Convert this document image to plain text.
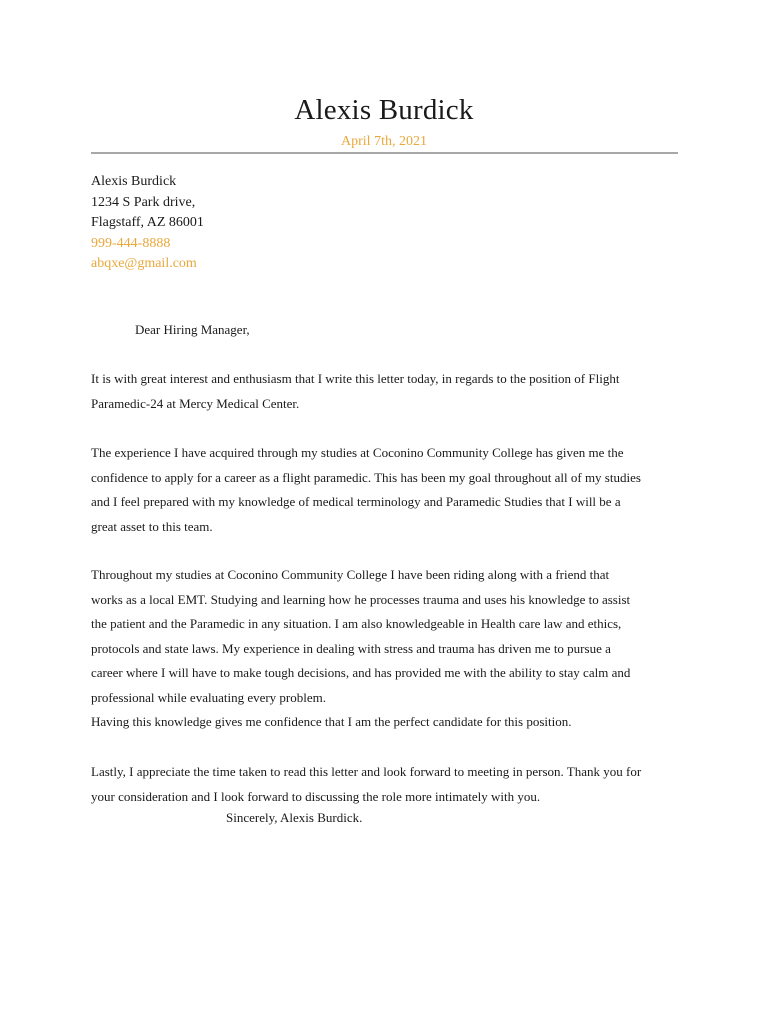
Alexis Burdick
April 7th, 2021
Alexis Burdick
1234 S Park drive,
Flagstaff, AZ 86001
999-444-8888
abqxe@gmail.com
Dear Hiring Manager,
It is with great interest and enthusiasm that I write this letter today, in regards to the position of Flight
Paramedic-24 at Mercy Medical Center.
The experience I have acquired through my studies at Coconino Community College has given me the
confidence to apply for a career as a flight paramedic. This has been my goal throughout all of my studies
and I feel prepared with my knowledge of medical terminology and Paramedic Studies that I will be a
great asset to this team.
Throughout my studies at Coconino Community College I have been riding along with a friend that
works as a local EMT. Studying and learning how he processes trauma and uses his knowledge to assist
the patient and the Paramedic in any situation. I am also knowledgeable in Health care law and ethics,
protocols and state laws. My experience in dealing with stress and trauma has driven me to pursue a
career where I will have to make tough decisions, and has provided me with the ability to stay calm and
professional while evaluating every problem.
Having this knowledge gives me confidence that I am the perfect candidate for this position.
Lastly, I appreciate the time taken to read this letter and look forward to meeting in person. Thank you for
your consideration and I look forward to discussing the role more intimately with you.
Sincerely, Alexis Burdick.
